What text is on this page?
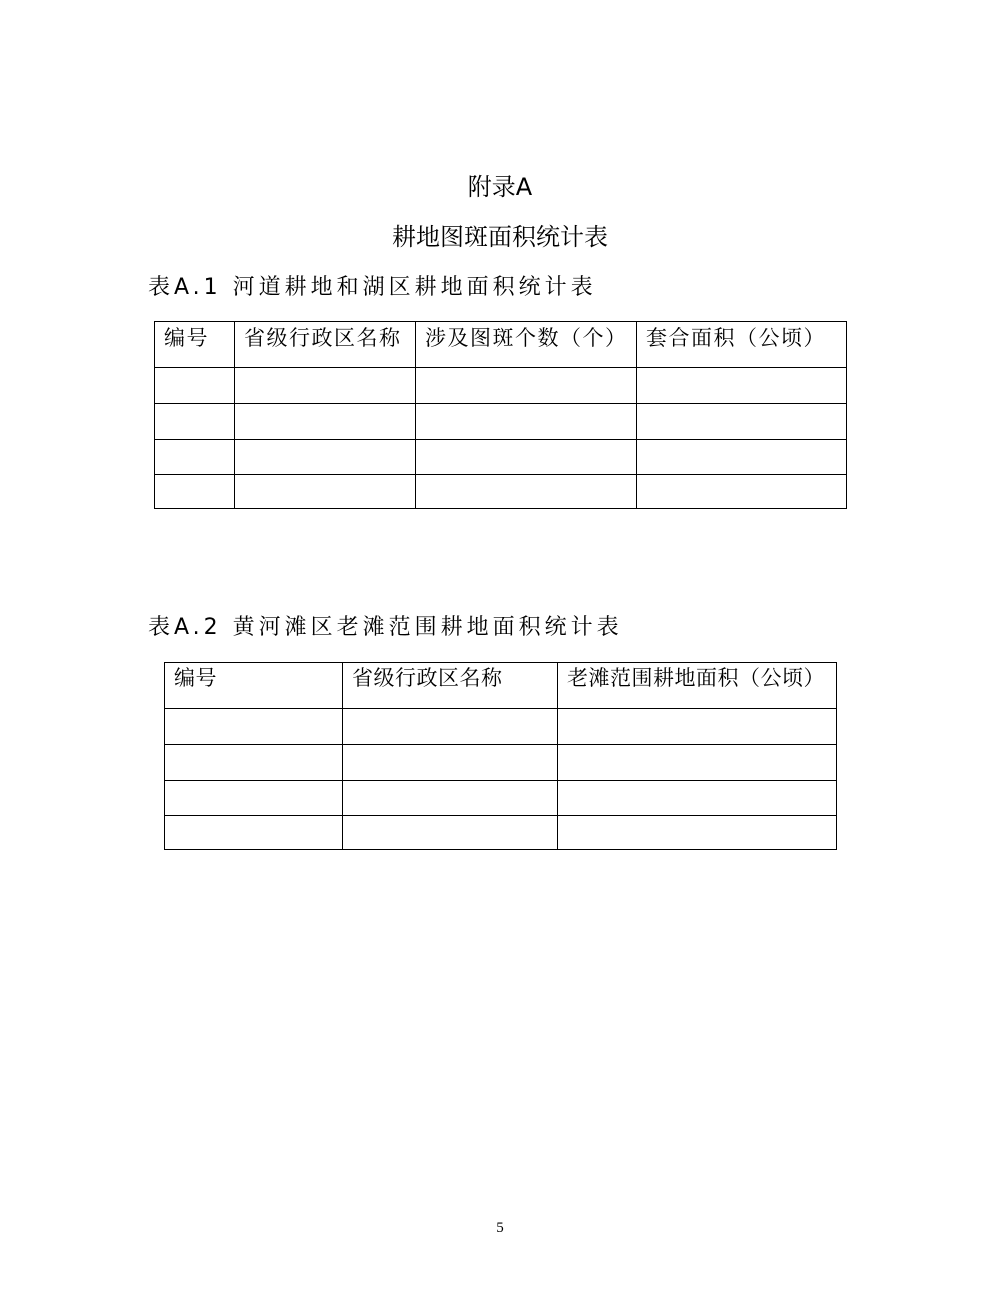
附录A
耕地图斑面积统计表
表A.1 河道耕地和湖区耕地面积统计表
编号	省级行政区名称	涉及图斑个数（个）	套合面积（公顷）

表A.2 黄河滩区老滩范围耕地面积统计表
编号	省级行政区名称	老滩范围耕地面积（公顷）

5
